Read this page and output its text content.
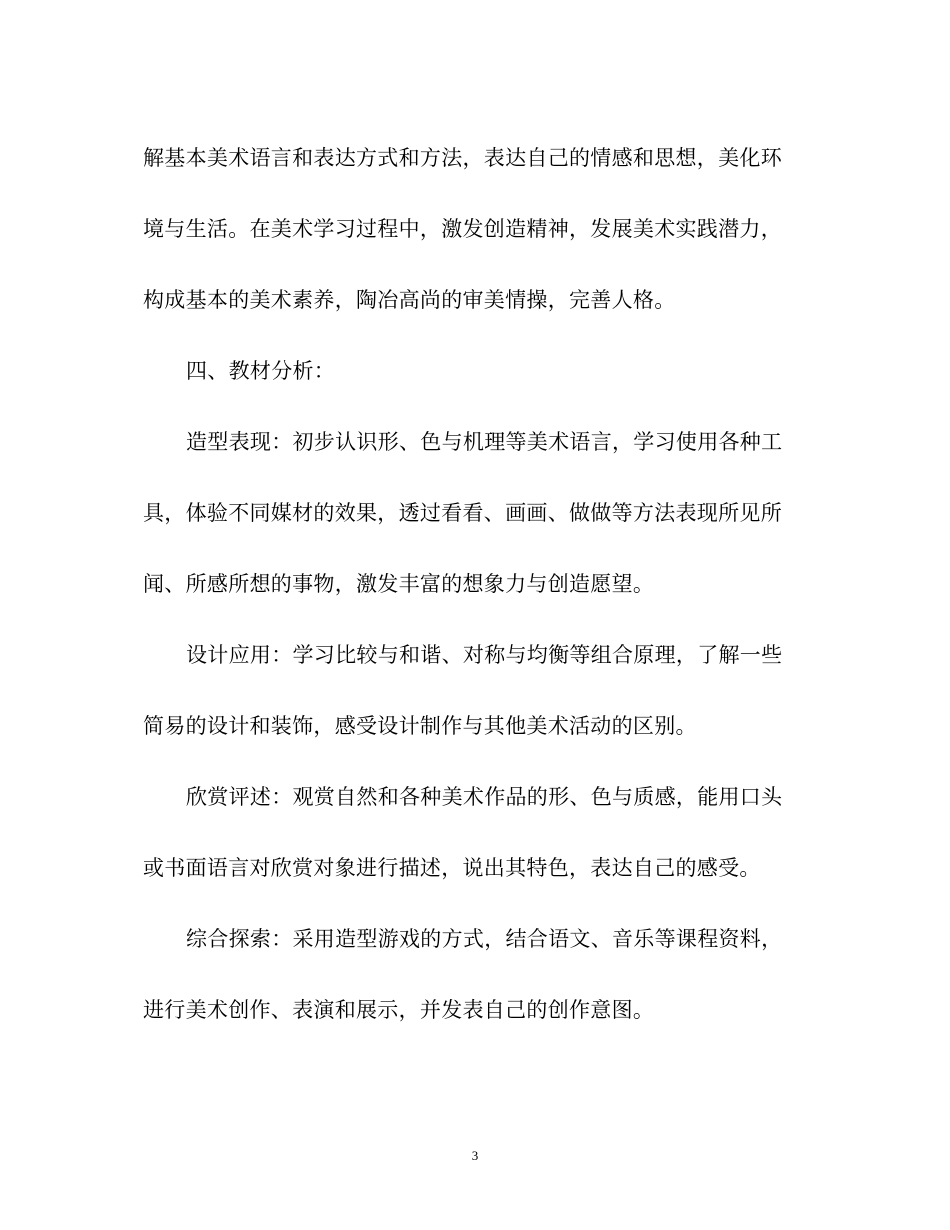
解基本美术语言和表达方式和方法，表达自己的情感和思想，美化环
境与生活。在美术学习过程中，激发创造精神，发展美术实践潜力，
构成基本的美术素养，陶冶高尚的审美情操，完善人格。
四、教材分析：
造型表现：初步认识形、色与机理等美术语言，学习使用各种工
具，体验不同媒材的效果，透过看看、画画、做做等方法表现所见所
闻、所感所想的事物，激发丰富的想象力与创造愿望。
设计应用：学习比较与和谐、对称与均衡等组合原理，了解一些
简易的设计和装饰，感受设计制作与其他美术活动的区别。
欣赏评述：观赏自然和各种美术作品的形、色与质感，能用口头
或书面语言对欣赏对象进行描述，说出其特色，表达自己的感受。
综合探索：采用造型游戏的方式，结合语文、音乐等课程资料，
进行美术创作、表演和展示，并发表自己的创作意图。
3
